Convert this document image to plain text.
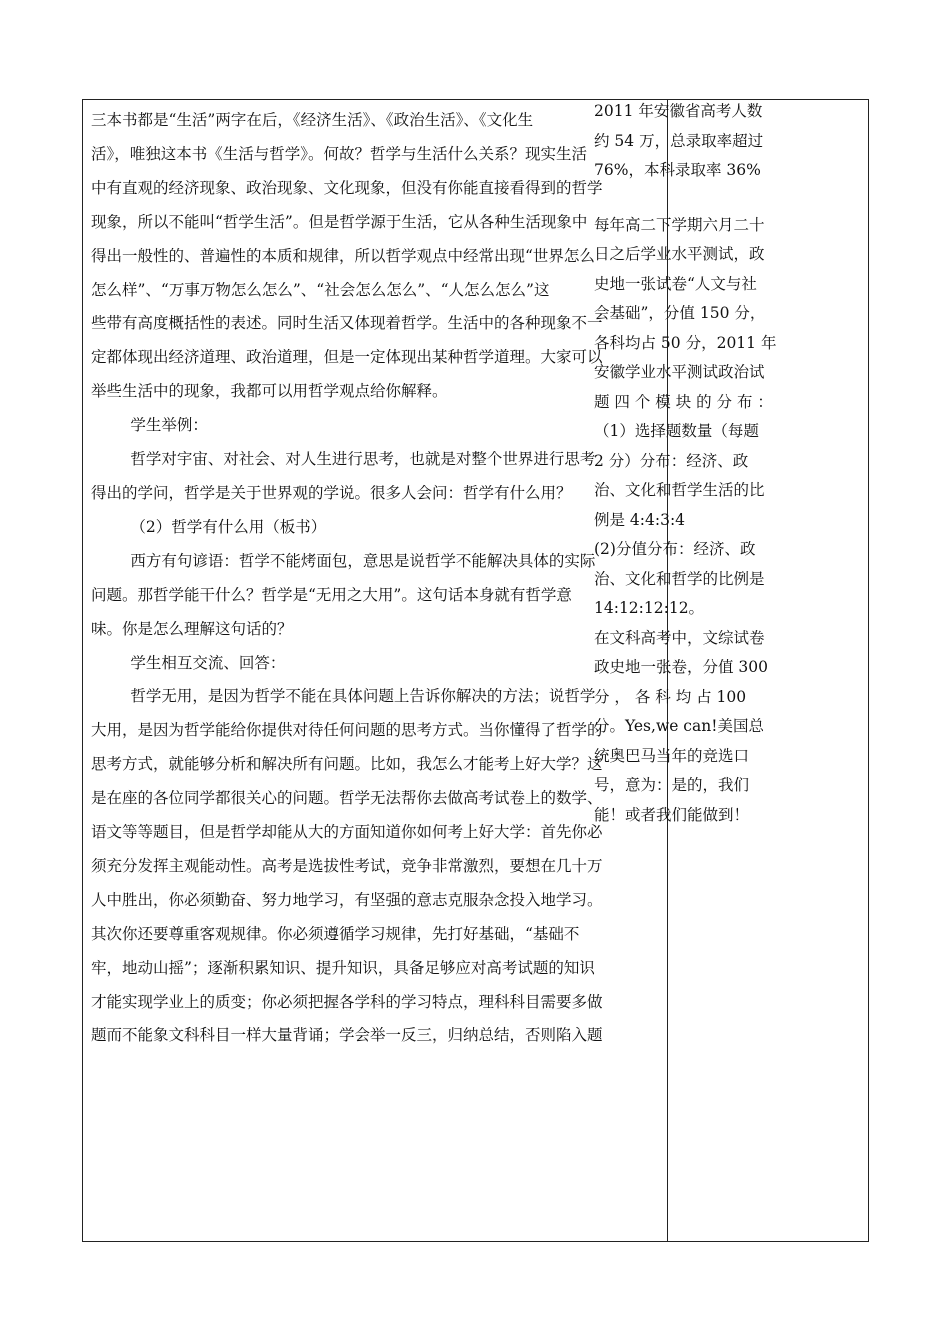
三本书都是“生活”两字在后，《经济生活》、《政治生活》、《文化生

活》，唯独这本书《生活与哲学》。何故？哲学与生活什么关系？现实生活

中有直观的经济现象、政治现象、文化现象，但没有你能直接看得到的哲学

现象，所以不能叫“哲学生活”。但是哲学源于生活，它从各种生活现象中

得出一般性的、普遍性的本质和规律，所以哲学观点中经常出现“世界怎么

怎么样”、“万事万物怎么怎么”、“社会怎么怎么”、“人怎么怎么”这

些带有高度概括性的表述。同时生活又体现着哲学。生活中的各种现象不一

定都体现出经济道理、政治道理，但是一定体现出某种哲学道理。大家可以

举些生活中的现象，我都可以用哲学观点给你解释。

学生举例：

哲学对宇宙、对社会、对人生进行思考，也就是对整个世界进行思考

得出的学问，哲学是关于世界观的学说。很多人会问：哲学有什么用？

（2）哲学有什么用（板书）

西方有句谚语：哲学不能烤面包，意思是说哲学不能解决具体的实际

问题。那哲学能干什么？哲学是“无用之大用”。这句话本身就有哲学意

味。你是怎么理解这句话的？

学生相互交流、回答：

哲学无用，是因为哲学不能在具体问题上告诉你解决的方法；说哲学

大用，是因为哲学能给你提供对待任何问题的思考方式。当你懂得了哲学的

思考方式，就能够分析和解决所有问题。比如，我怎么才能考上好大学？这

是在座的各位同学都很关心的问题。哲学无法帮你去做高考试卷上的数学、

语文等等题目，但是哲学却能从大的方面知道你如何考上好大学：首先你必

须充分发挥主观能动性。高考是选拔性考试，竞争非常激烈，要想在几十万

人中胜出，你必须勤奋、努力地学习，有坚强的意志克服杂念投入地学习。

其次你还要尊重客观规律。你必须遵循学习规律，先打好基础，“基础不

牢，地动山摇”；逐渐积累知识、提升知识，具备足够应对高考试题的知识

才能实现学业上的质变；你必须把握各学科的学习特点，理科科目需要多做

题而不能象文科科目一样大量背诵；学会举一反三，归纳总结，否则陷入题

2011 年安徽省高考人数

约 54 万，总录取率超过

76%，本科录取率 36%

每年高二下学期六月二十

日之后学业水平测试，政

史地一张试卷“人文与社

会基础”，分值 150 分，

各科均占 50 分，2011 年

安徽学业水平测试政治试

题 四 个 模 块 的 分 布 ：

（1）选择题数量（每题

2 分）分布：经济、政

治、文化和哲学生活的比

例是 4:4:3:4

(2)分值分布：经济、政

治、文化和哲学的比例是

14:12:12:12。

在文科高考中，文综试卷

政史地一张卷，分值 300

分 ， 各 科 均 占 100

分。Yes,we can!美国总

统奥巴马当年的竞选口

号，意为：是的，我们

能！或者我们能做到！
